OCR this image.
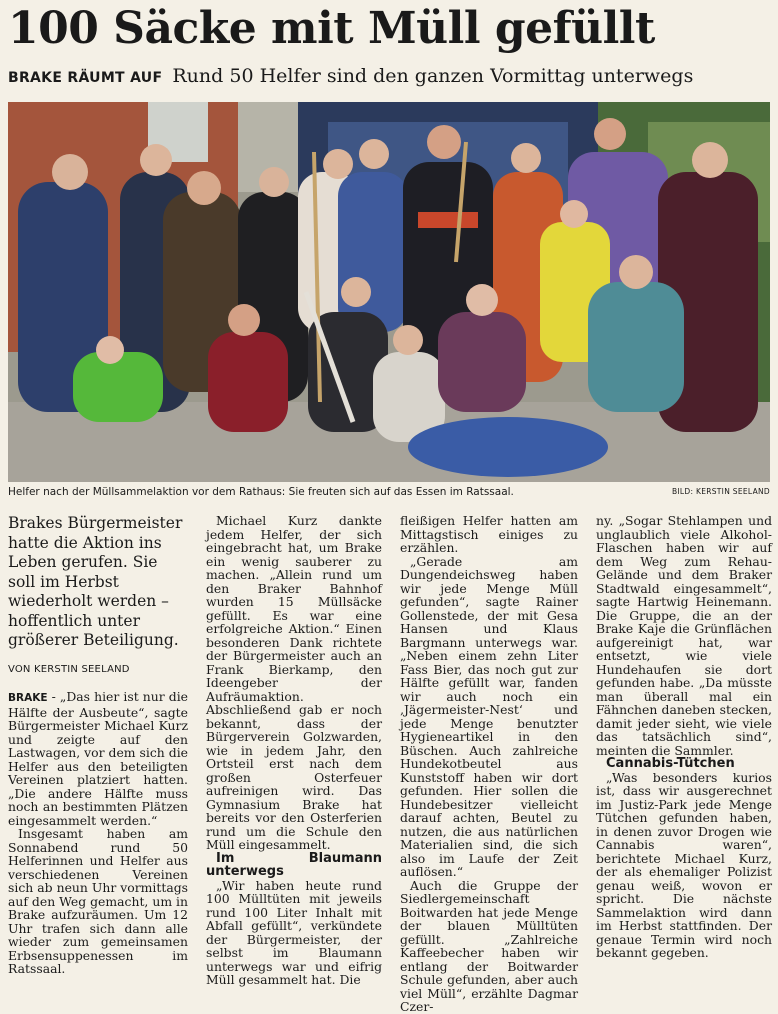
100 Säcke mit Müll gefüllt
BRAKE RÄUMT AUF Rund 50 Helfer sind den ganzen Vormittag unterwegs
Helfer nach der Müllsammelaktion vor dem Rathaus: Sie freuten sich auf das Essen im Ratssaal.	BILD: KERSTIN SEELAND

Brakes Bürgermeister hatte die Aktion ins Leben gerufen. Sie soll im Herbst wiederholt werden – hoffentlich unter größerer Beteiligung.

VON KERSTIN SEELAND

BRAKE - „Das hier ist nur die Hälfte der Ausbeute“, sagte Bürgermeister Michael Kurz und zeigte auf den Lastwagen, vor dem sich die Helfer aus den beteiligten Vereinen platziert hatten. „Die andere Hälfte muss noch an bestimmten Plätzen eingesammelt werden.“

Insgesamt haben am Sonnabend rund 50 Helferinnen und Helfer aus verschiedenen Vereinen sich ab neun Uhr vormittags auf den Weg gemacht, um in Brake aufzuräumen. Um 12 Uhr trafen sich dann alle wieder zum gemeinsamen Erbsensuppenessen im Ratssaal.

Michael Kurz dankte jedem Helfer, der sich eingebracht hat, um Brake ein wenig sauberer zu machen. „Allein rund um den Braker Bahnhof wurden 15 Müllsäcke gefüllt. Es war eine erfolgreiche Aktion.“ Einen besonderen Dank richtete der Bürgermeister auch an Frank Bierkamp, den Ideengeber der Aufräumaktion. Abschließend gab er noch bekannt, dass der Bürgerverein Golzwarden, wie in jedem Jahr, den Ortsteil erst nach dem großen Osterfeuer aufreinigen wird. Das Gymnasium Brake hat bereits vor den Osterferien rund um die Schule den Müll eingesammelt.

Im Blaumann unterwegs

„Wir haben heute rund 100 Mülltüten mit jeweils rund 100 Liter Inhalt mit Abfall gefüllt“, verkündete der Bürgermeister, der selbst im Blaumann unterwegs war und eifrig Müll gesammelt hat. Die

fleißigen Helfer hatten am Mittagstisch einiges zu erzählen.

„Gerade am Dungendeichsweg haben wir jede Menge Müll gefunden“, sagte Rainer Gollenstede, der mit Gesa Hansen und Klaus Bargmann unterwegs war. „Neben einem zehn Liter Fass Bier, das noch gut zur Hälfte gefüllt war, fanden wir auch noch ein ‚Jägermeister-Nest‘ und jede Menge benutzter Hygieneartikel in den Büschen. Auch zahlreiche Hundekotbeutel aus Kunststoff haben wir dort gefunden. Hier sollen die Hundebesitzer vielleicht darauf achten, Beutel zu nutzen, die aus natürlichen Materialien sind, die sich also im Laufe der Zeit auflösen.“

Auch die Gruppe der Siedlergemeinschaft Boitwarden hat jede Menge der blauen Mülltüten gefüllt. „Zahlreiche Kaffeebecher haben wir entlang der Boitwarder Schule gefunden, aber auch viel Müll“, erzählte Dagmar Czer-

ny. „Sogar Stehlampen und unglaublich viele Alkohol-Flaschen haben wir auf dem Weg zum Rehau-Gelände und dem Braker Stadtwald eingesammelt“, sagte Hartwig Heinemann. Die Gruppe, die an der Brake Kaje die Grünflächen aufgereinigt hat, war entsetzt, wie viele Hundehaufen sie dort gefunden habe. „Da müsste man überall mal ein Fähnchen daneben stecken, damit jeder sieht, wie viele das tatsächlich sind“, meinten die Sammler.

Cannabis-Tütchen

„Was besonders kurios ist, dass wir ausgerechnet im Justiz-Park jede Menge Tütchen gefunden haben, in denen zuvor Drogen wie Cannabis waren“, berichtete Michael Kurz, der als ehemaliger Polizist genau weiß, wovon er spricht. Die nächste Sammelaktion wird dann im Herbst stattfinden. Der genaue Termin wird noch bekannt gegeben.
